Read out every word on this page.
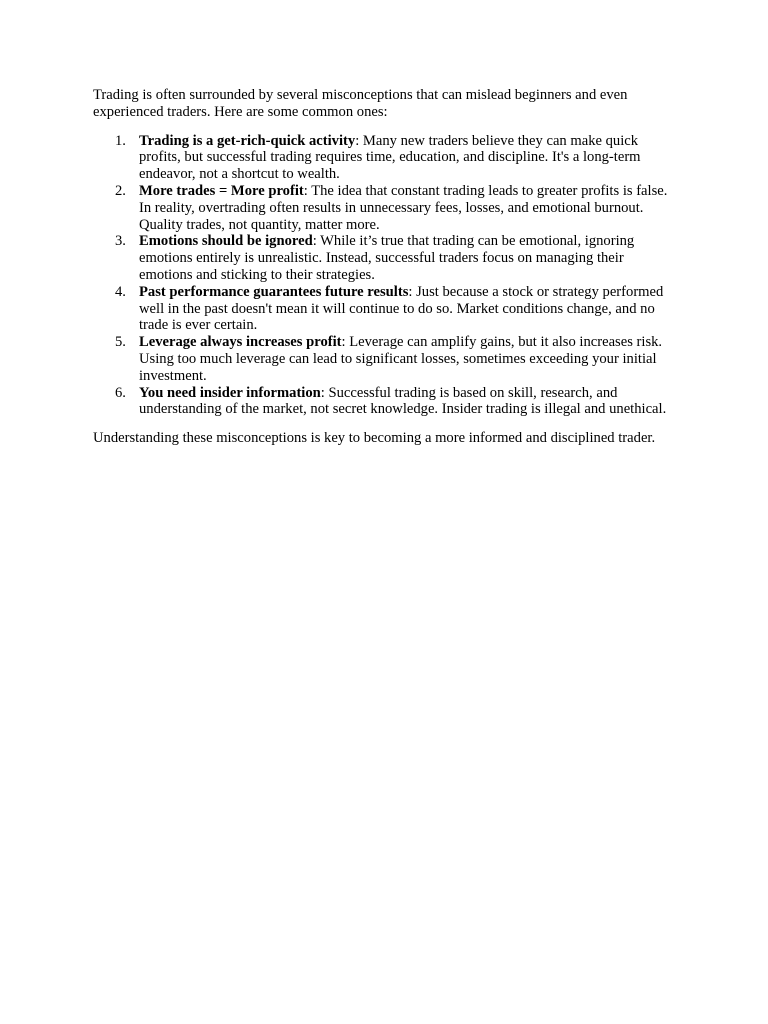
Trading is often surrounded by several misconceptions that can mislead beginners and even experienced traders. Here are some common ones:

1. Trading is a get-rich-quick activity: Many new traders believe they can make quick profits, but successful trading requires time, education, and discipline. It's a long-term endeavor, not a shortcut to wealth.
2. More trades = More profit: The idea that constant trading leads to greater profits is false. In reality, overtrading often results in unnecessary fees, losses, and emotional burnout. Quality trades, not quantity, matter more.
3. Emotions should be ignored: While it’s true that trading can be emotional, ignoring emotions entirely is unrealistic. Instead, successful traders focus on managing their emotions and sticking to their strategies.
4. Past performance guarantees future results: Just because a stock or strategy performed well in the past doesn't mean it will continue to do so. Market conditions change, and no trade is ever certain.
5. Leverage always increases profit: Leverage can amplify gains, but it also increases risk. Using too much leverage can lead to significant losses, sometimes exceeding your initial investment.
6. You need insider information: Successful trading is based on skill, research, and understanding of the market, not secret knowledge. Insider trading is illegal and unethical.

Understanding these misconceptions is key to becoming a more informed and disciplined trader.
